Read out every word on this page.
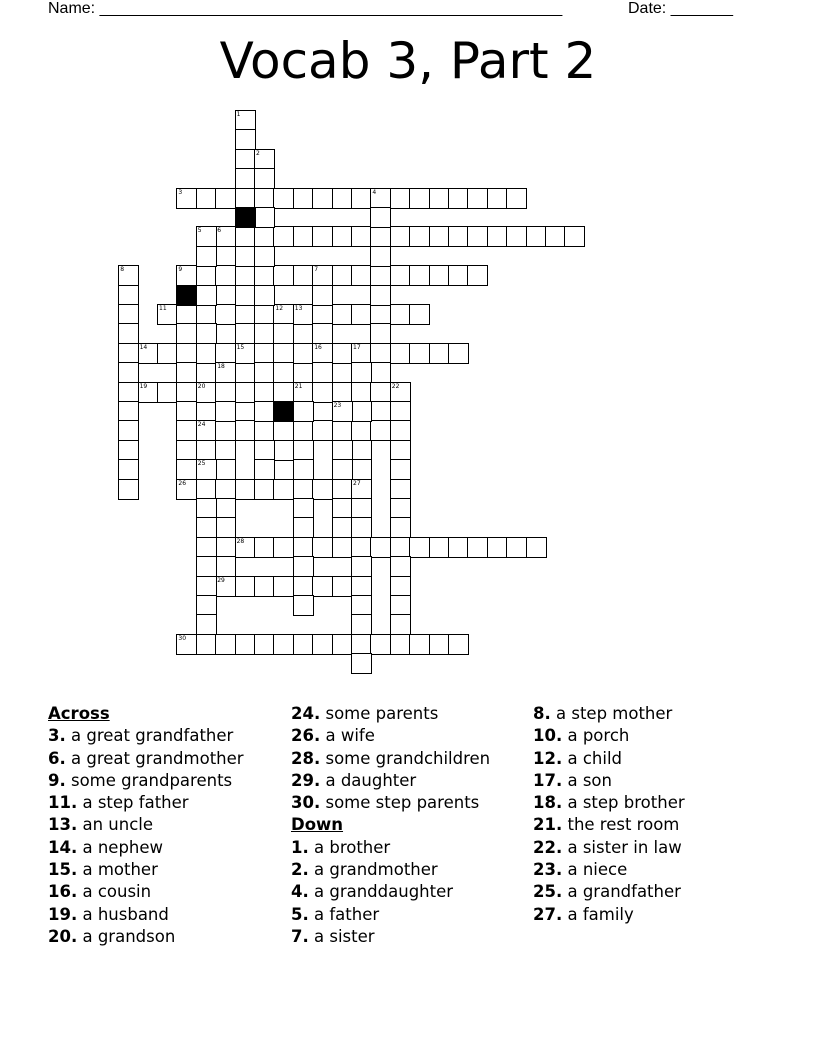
Name: ____________________________________________________	Date: _______
Vocab 3, Part 2
3
6
9
10
11	13
14	15	16
19	20
24
26
28
29
30
1
2
4
5
7
8
12
17
18
21	22
23
25
27
Across
3. a great grandfather
6. a great grandmother
9. some grandparents
11. a step father
13. an uncle
14. a nephew
15. a mother
16. a cousin
19. a husband
20. a grandson
24. some parents
26. a wife
28. some grandchildren
29. a daughter
30. some step parents
Down
1. a brother
2. a grandmother
4. a granddaughter
5. a father
7. a sister
8. a step mother
10. a porch
12. a child
17. a son
18. a step brother
21. the rest room
22. a sister in law
23. a niece
25. a grandfather
27. a family
